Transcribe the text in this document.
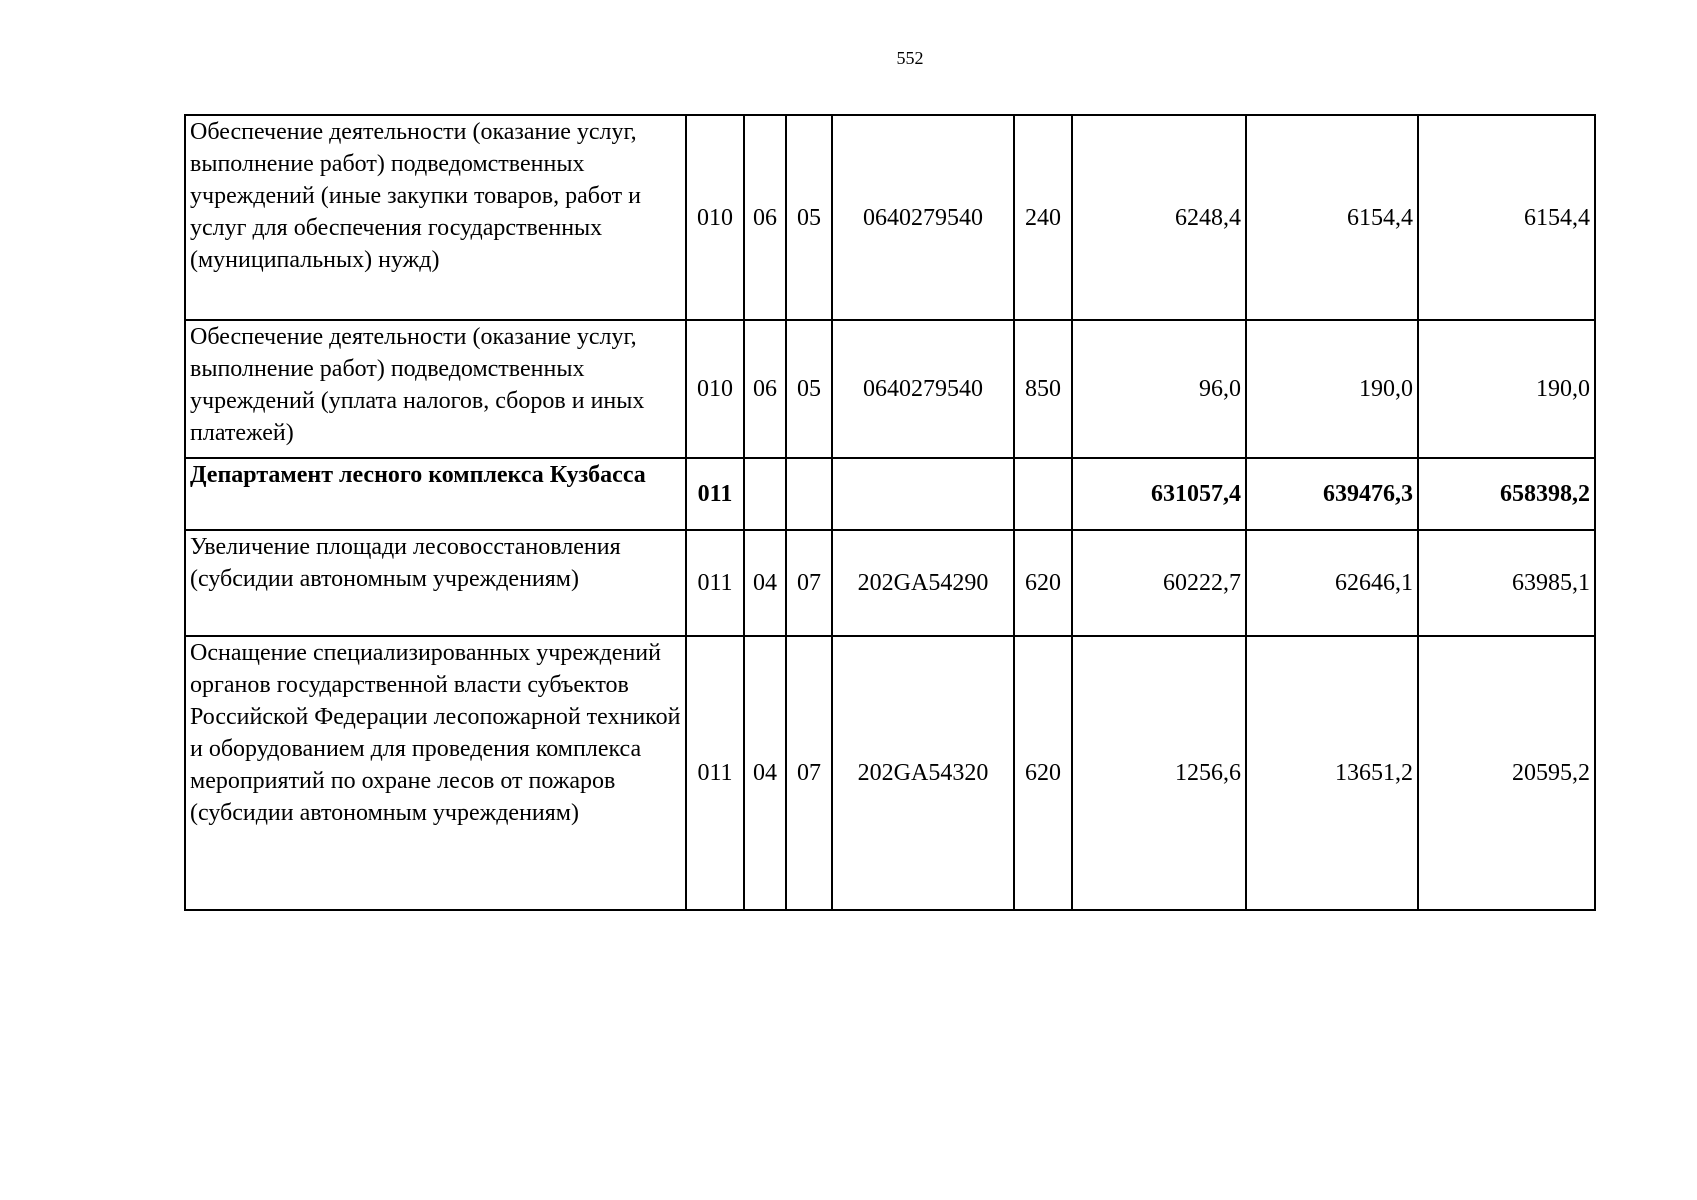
552
Обеспечение деятельности (оказание услуг, выполнение работ) подведомственных учреждений (иные закупки товаров, работ и услуг для обеспечения государственных (муниципальных) нужд)	010	06	05	0640279540	240	6248,4	6154,4	6154,4
Обеспечение деятельности (оказание услуг, выполнение работ) подведомственных учреждений (уплата налогов, сборов и иных платежей)	010	06	05	0640279540	850	96,0	190,0	190,0
Департамент лесного комплекса Кузбасса	011					631057,4	639476,3	658398,2
Увеличение площади лесовосстановления (субсидии автономным учреждениям)	011	04	07	202GA54290	620	60222,7	62646,1	63985,1
Оснащение специализированных учреждений органов государственной власти субъектов Российской Федерации лесопожарной техникой и оборудованием для проведения комплекса мероприятий по охране лесов от пожаров (субсидии автономным учреждениям)	011	04	07	202GA54320	620	1256,6	13651,2	20595,2
